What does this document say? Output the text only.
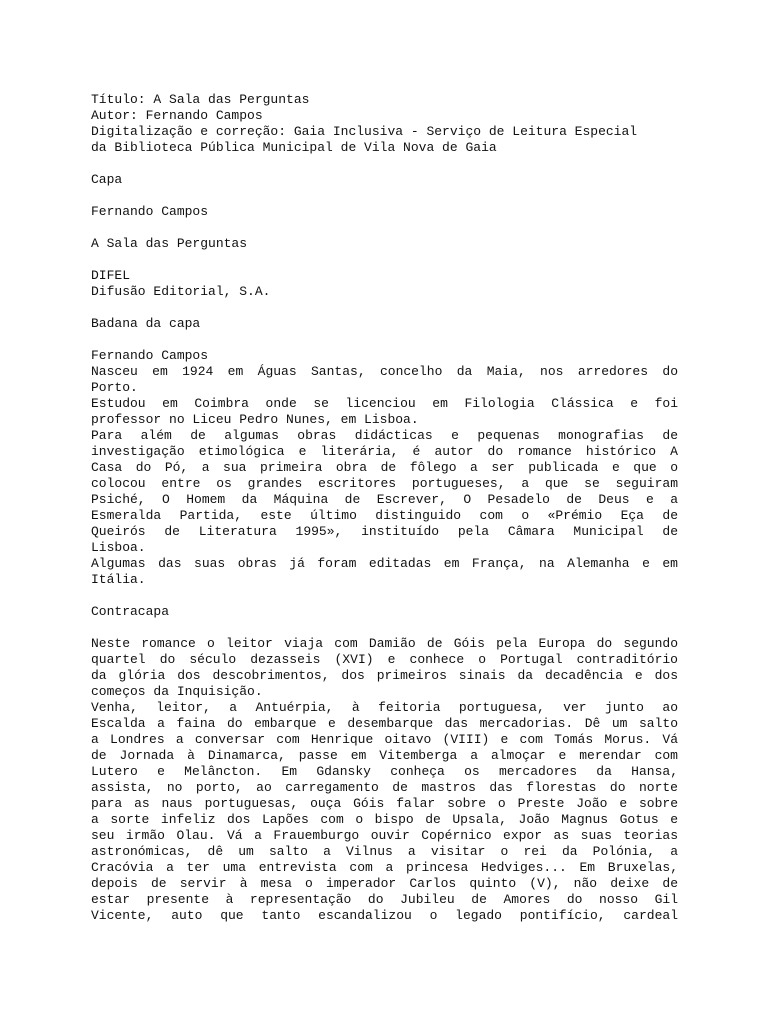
Título: A Sala das Perguntas
Autor: Fernando Campos
Digitalização e correção: Gaia Inclusiva - Serviço de Leitura Especial
da Biblioteca Pública Municipal de Vila Nova de Gaia
Capa
Fernando Campos
A Sala das Perguntas
DIFEL
Difusão Editorial, S.A.
Badana da capa
Fernando Campos
Nasceu em 1924 em Águas Santas, concelho da Maia, nos arredores do
Porto.
Estudou em Coimbra onde se licenciou em Filologia Clássica e foi
professor no Liceu Pedro Nunes, em Lisboa.
Para além de algumas obras didácticas e pequenas monografias de
investigação etimológica e literária, é autor do romance histórico A
Casa do Pó, a sua primeira obra de fôlego a ser publicada e que o
colocou entre os grandes escritores portugueses, a que se seguiram
Psiché, O Homem da Máquina de Escrever, O Pesadelo de Deus e a
Esmeralda Partida, este último distinguido com o «Prémio Eça de
Queirós de Literatura 1995», instituído pela Câmara Municipal de
Lisboa.
Algumas das suas obras já foram editadas em França, na Alemanha e em
Itália.
Contracapa
Neste romance o leitor viaja com Damião de Góis pela Europa do segundo
quartel do século dezasseis (XVI) e conhece o Portugal contraditório
da glória dos descobrimentos, dos primeiros sinais da decadência e dos
começos da Inquisição.
Venha, leitor, a Antuérpia, à feitoria portuguesa, ver junto ao
Escalda a faina do embarque e desembarque das mercadorias. Dê um salto
a Londres a conversar com Henrique oitavo (VIII) e com Tomás Morus. Vá
de Jornada à Dinamarca, passe em Vitemberga a almoçar e merendar com
Lutero e Melâncton. Em Gdansky conheça os mercadores da Hansa,
assista, no porto, ao carregamento de mastros das florestas do norte
para as naus portuguesas, ouça Góis falar sobre o Preste João e sobre
a sorte infeliz dos Lapões com o bispo de Upsala, João Magnus Gotus e
seu irmão Olau. Vá a Frauemburgo ouvir Copérnico expor as suas teorias
astronómicas, dê um salto a Vilnus a visitar o rei da Polónia, a
Cracóvia a ter uma entrevista com a princesa Hedviges... Em Bruxelas,
depois de servir à mesa o imperador Carlos quinto (V), não deixe de
estar presente à representação do Jubileu de Amores do nosso Gil
Vicente, auto que tanto escandalizou o legado pontifício, cardeal
